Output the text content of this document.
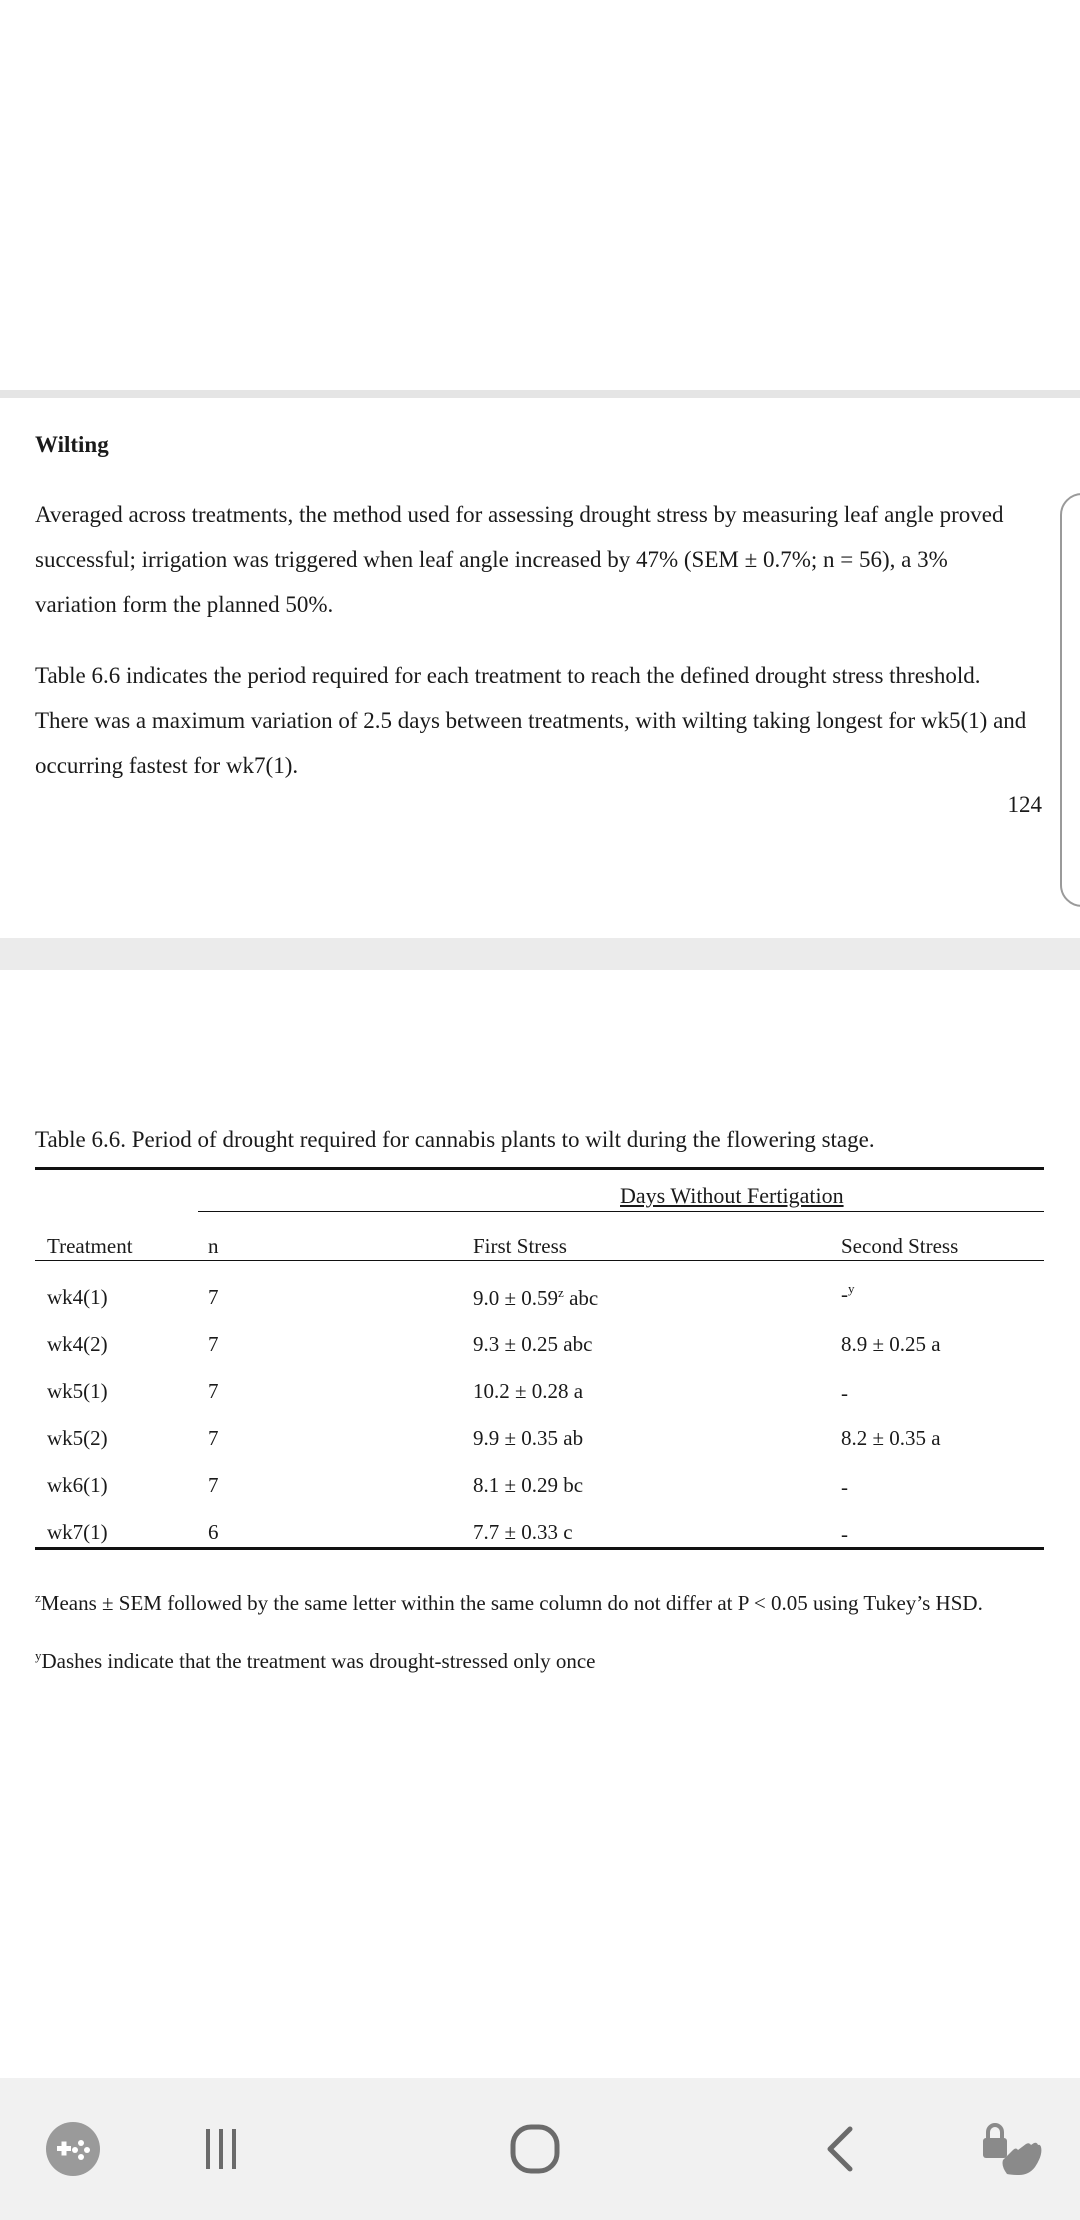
Wilting
Averaged across treatments, the method used for assessing drought stress by measuring leaf angle proved successful; irrigation was triggered when leaf angle increased by 47% (SEM ± 0.7%; n = 56), a 3% variation form the planned 50%.
Table 6.6 indicates the period required for each treatment to reach the defined drought stress threshold. There was a maximum variation of 2.5 days between treatments, with wilting taking longest for wk5(1) and occurring fastest for wk7(1).
124
Table 6.6. Period of drought required for cannabis plants to wilt during the flowering stage.
Days Without Fertigation
Treatment	n	First Stress	Second Stress
wk4(1)	7	$9.0 \pm 0.59^z$ abc	-$^y$
wk4(2)	7	9.3 ± 0.25 abc	8.9 ± 0.25 a
wk5(1)	7	10.2 ± 0.28 a	-
wk5(2)	7	9.9 ± 0.35 ab	8.2 ± 0.35 a
wk6(1)	7	8.1 ± 0.29 bc	-
wk7(1)	6	7.7 ± 0.33 c	-
$^z$Means ± SEM followed by the same letter within the same column do not differ at P < 0.05 using Tukey’s HSD.
$^y$Dashes indicate that the treatment was drought-stressed only once
